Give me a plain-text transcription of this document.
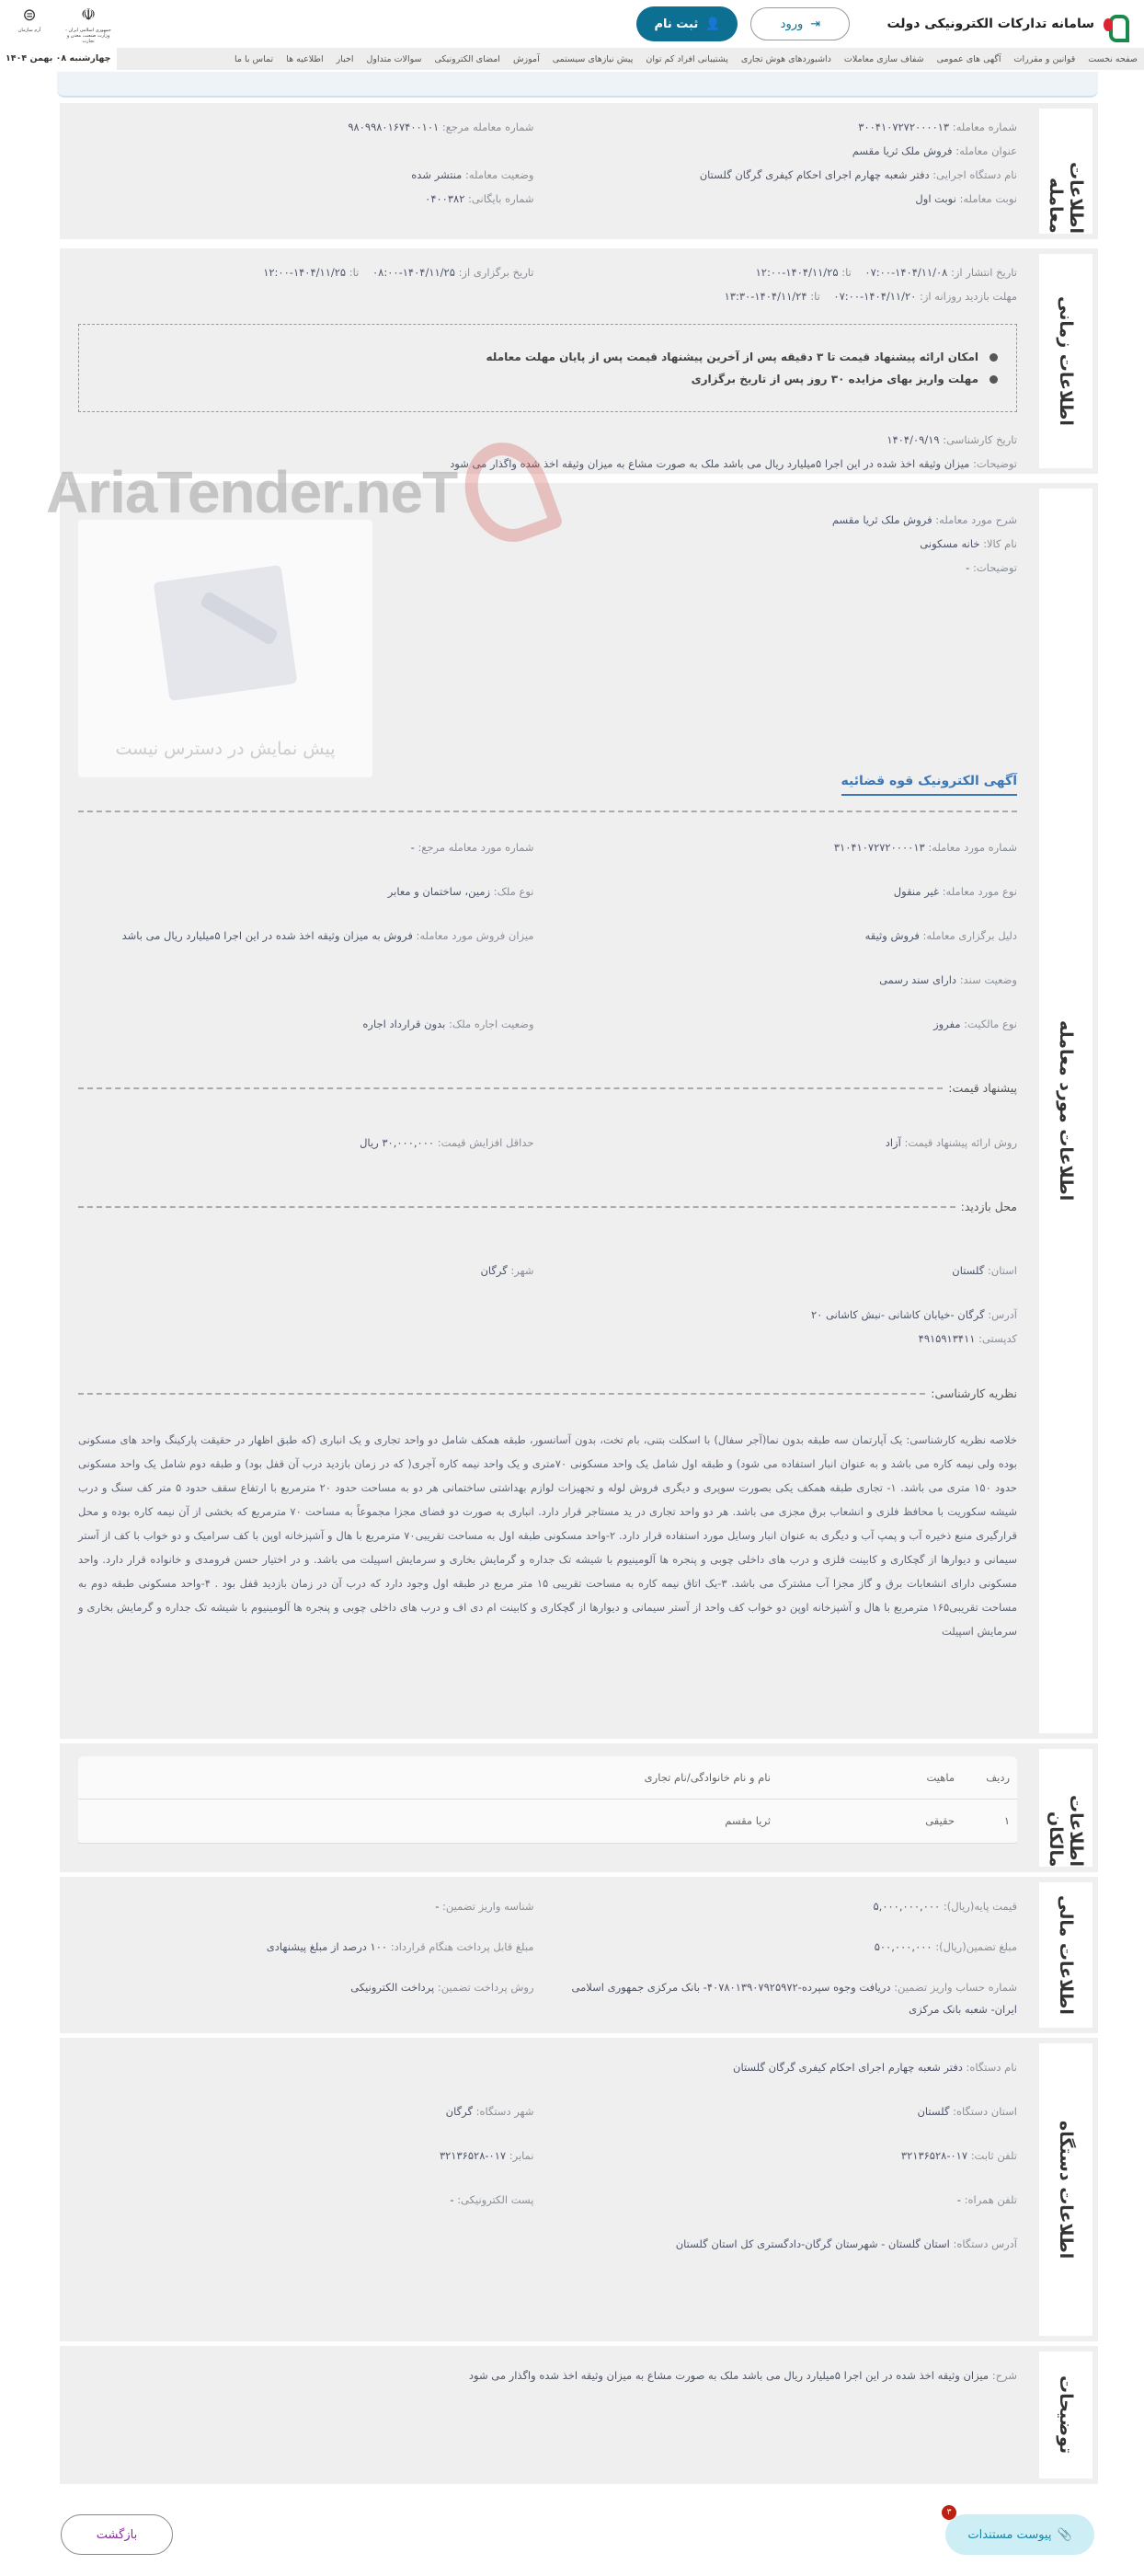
سامانه تدارکات الکترونیکی دولت
⇥
ورود
👤
ثبت نام
☫
جمهوری اسلامی ایران - وزارت صنعت، معدن و تجارت
⊜
آرم سازمان
صفحه نخست
قوانین و مقررات
آگهی های عمومی
شفاف سازی معاملات
داشبوردهای هوش تجاری
پشتیبانی افراد کم توان
پیش نیازهای سیستمی
آموزش
امضای الکترونیکی
سوالات متداول
اخبار
اطلاعیه ها
تماس با ما
چهارشنبه ۰۸ بهمن ۱۴۰۴
اطلاعات معامله
شماره معامله: ۳۰۰۴۱۰۷۲۷۲۰۰۰۰۱۳
شماره معامله مرجع: ۹۸۰۹۹۸۰۱۶۷۴۰۰۱۰۱
عنوان معامله: فروش ملک ثریا مقسم
نام دستگاه اجرایی: دفتر شعبه چهارم اجرای احکام کیفری گرگان گلستان
وضعیت معامله: منتشر شده
نوبت معامله: نوبت اول
شماره بایگانی: ۰۴۰۰۳۸۲
اطلاعات زمانی
تاریخ انتشار از: ۱۴۰۴/۱۱/۰۸-۰۷:۰۰    تا: ۱۴۰۴/۱۱/۲۵-۱۲:۰۰
تاریخ برگزاری از: ۱۴۰۴/۱۱/۲۵-۰۸:۰۰    تا: ۱۴۰۴/۱۱/۲۵-۱۲:۰۰
مهلت بازدید روزانه از: ۱۴۰۴/۱۱/۲۰-۰۷:۰۰    تا: ۱۴۰۴/۱۱/۲۴-۱۳:۳۰
امکان ارائه پیشنهاد قیمت تا ۳ دقیقه پس از آخرین پیشنهاد قیمت پس از پایان مهلت معامله
مهلت واریز بهای مزایده ۳۰ روز پس از تاریخ برگزاری
تاریخ کارشناسی: ۱۴۰۴/۰۹/۱۹
توضیحات: میزان وثیقه اخذ شده در این اجرا ۵میلیارد ریال می باشد ملک به صورت مشاع به میزان وثیقه اخذ شده واگذار می شود
اطلاعات مورد معامله
شرح مورد معامله: فروش ملک ثریا مقسم
نام کالا: خانه مسکونی
توضیحات: -
پیش نمایش در دسترس نیست
آگهی الکترونیک قوه قضائیه
شماره مورد معامله: ۳۱۰۴۱۰۷۲۷۲۰۰۰۰۱۳
شماره مورد معامله مرجع: -
نوع مورد معامله: غیر منقول
نوع ملک: زمین، ساختمان و معابر
دلیل برگزاری معامله: فروش وثیقه
میزان فروش مورد معامله: فروش به میزان وثیقه اخذ شده در این اجرا ۵میلیارد ریال می باشد
وضعیت سند: دارای سند رسمی
نوع مالکیت: مفروز
وضعیت اجاره ملک: بدون قرارداد اجاره
پیشنهاد قیمت:
روش ارائه پیشنهاد قیمت: آزاد
حداقل افزایش قیمت: ۳۰,۰۰۰,۰۰۰ ریال
محل بازدید:
استان: گلستان
شهر: گرگان
آدرس: گرگان -خیابان کاشانی -نبش کاشانی ۲۰
کدپستی: ۴۹۱۵۹۱۳۴۱۱
نظریه کارشناسی:

خلاصه نظریه کارشناسی: یک آپارتمان سه طبقه بدون نما(آجر سفال) با اسکلت بتنی، بام تخت، بدون آسانسور، طبقه همکف شامل دو واحد تجاری و یک انباری (که طبق اظهار در حقیقت پارکینگ واحد های مسکونی بوده ولی نیمه کاره می باشد و به عنوان انبار استفاده می شود) و طبقه اول شامل یک واحد مسکونی ۷۰متری و یک واحد نیمه کاره آجری( که در زمان بازدید درب آن قفل بود) و طبقه دوم شامل یک واحد مسکونی حدود ۱۵۰ متری می باشد. ۱- تجاری طبقه همکف یکی بصورت سوپری و دیگری فروش لوله و تجهیزات لوازم بهداشتی ساختمانی هر دو به مساحت حدود ۲۰ مترمربع با ارتفاع سقف حدود ۵ متر کف سنگ و درب شیشه سکوریت با محافظ فلزی و انشعاب برق مجزی می باشد. هر دو واحد تجاری در ید مستاجر قرار دارد. انباری به صورت دو فضای مجزا مجموعاً به مساحت ۷۰ مترمربع که بخشی از آن نیمه کاره بوده و محل قرارگیری منبع ذخیره آب و پمپ آب و دیگری به عنوان انبار وسایل مورد استفاده قرار دارد. ۲-واحد مسکونی طبقه اول به مساحت تقریبی۷۰ مترمربع با هال و آشپزخانه اوپن با کف سرامیک و دو خواب با کف از آستر سیمانی و دیوارها از گچکاری و کابینت فلزی و درب های داخلی چوبی و پنجره ها آلومینیوم با شیشه تک جداره و گرمایش بخاری و سرمایش اسپیلت می باشد. و در اختیار حسن فرومدی و خانواده قرار دارد. واحد مسکونی دارای انشعابات برق و گاز مجزا آب مشترک می باشد. ۳-یک اتاق نیمه کاره به مساحت تقریبی ۱۵ متر مربع در طبقه اول وجود دارد که درب آن در زمان بازدید قفل بود . ۴-واحد مسکونی طبقه دوم به مساحت تقریبی۱۶۵ مترمربع با هال و آشپزخانه اوپن دو خواب کف واحد از آستر سیمانی و دیوارها از گچکاری و کابینت ام دی اف و درب های داخلی چوبی و پنجره ها آلومینیوم با شیشه تک جداره و گرمایش بخاری و سرمایش اسپیلت

اطلاعات مالکان
ردیف	ماهیت	نام و نام خانوادگی/نام تجاری
۱	حقیقی	ثریا مقسم
اطلاعات مالی
قیمت پایه(ریال): ۵,۰۰۰,۰۰۰,۰۰۰
شناسه واریز تضمین: -
مبلغ تضمین(ریال): ۵۰۰,۰۰۰,۰۰۰
مبلغ قابل پرداخت هنگام قرارداد: ۱۰۰ درصد از مبلغ پیشنهادی
شماره حساب واریز تضمین: دریافت وجوه سپرده-۴۰۷۸۰۱۳۹۰۷۹۲۵۹۷۲- بانک مرکزی جمهوری اسلامی ایران- شعبه بانک مرکزی
روش پرداخت تضمین: پرداخت الکترونیکی
اطلاعات دستگاه
نام دستگاه: دفتر شعبه چهارم اجرای احکام کیفری گرگان گلستان
استان دستگاه: گلستان
شهر دستگاه: گرگان
تلفن ثابت: ۰۱۷-۳۲۱۳۶۵۲۸
نمابر: ۰۱۷-۳۲۱۳۶۵۲۸
تلفن همراه: -
پست الکترونیکی: -
آدرس دستگاه: استان گلستان - شهرستان گرگان-دادگستری کل استان گلستان
توضیحات
شرح: میزان وثیقه اخذ شده در این اجرا ۵میلیارد ریال می باشد ملک به صورت مشاع به میزان وثیقه اخذ شده واگذار می شود
AriaTender.neT
📎
پیوست مستندات
۳
بازگشت
